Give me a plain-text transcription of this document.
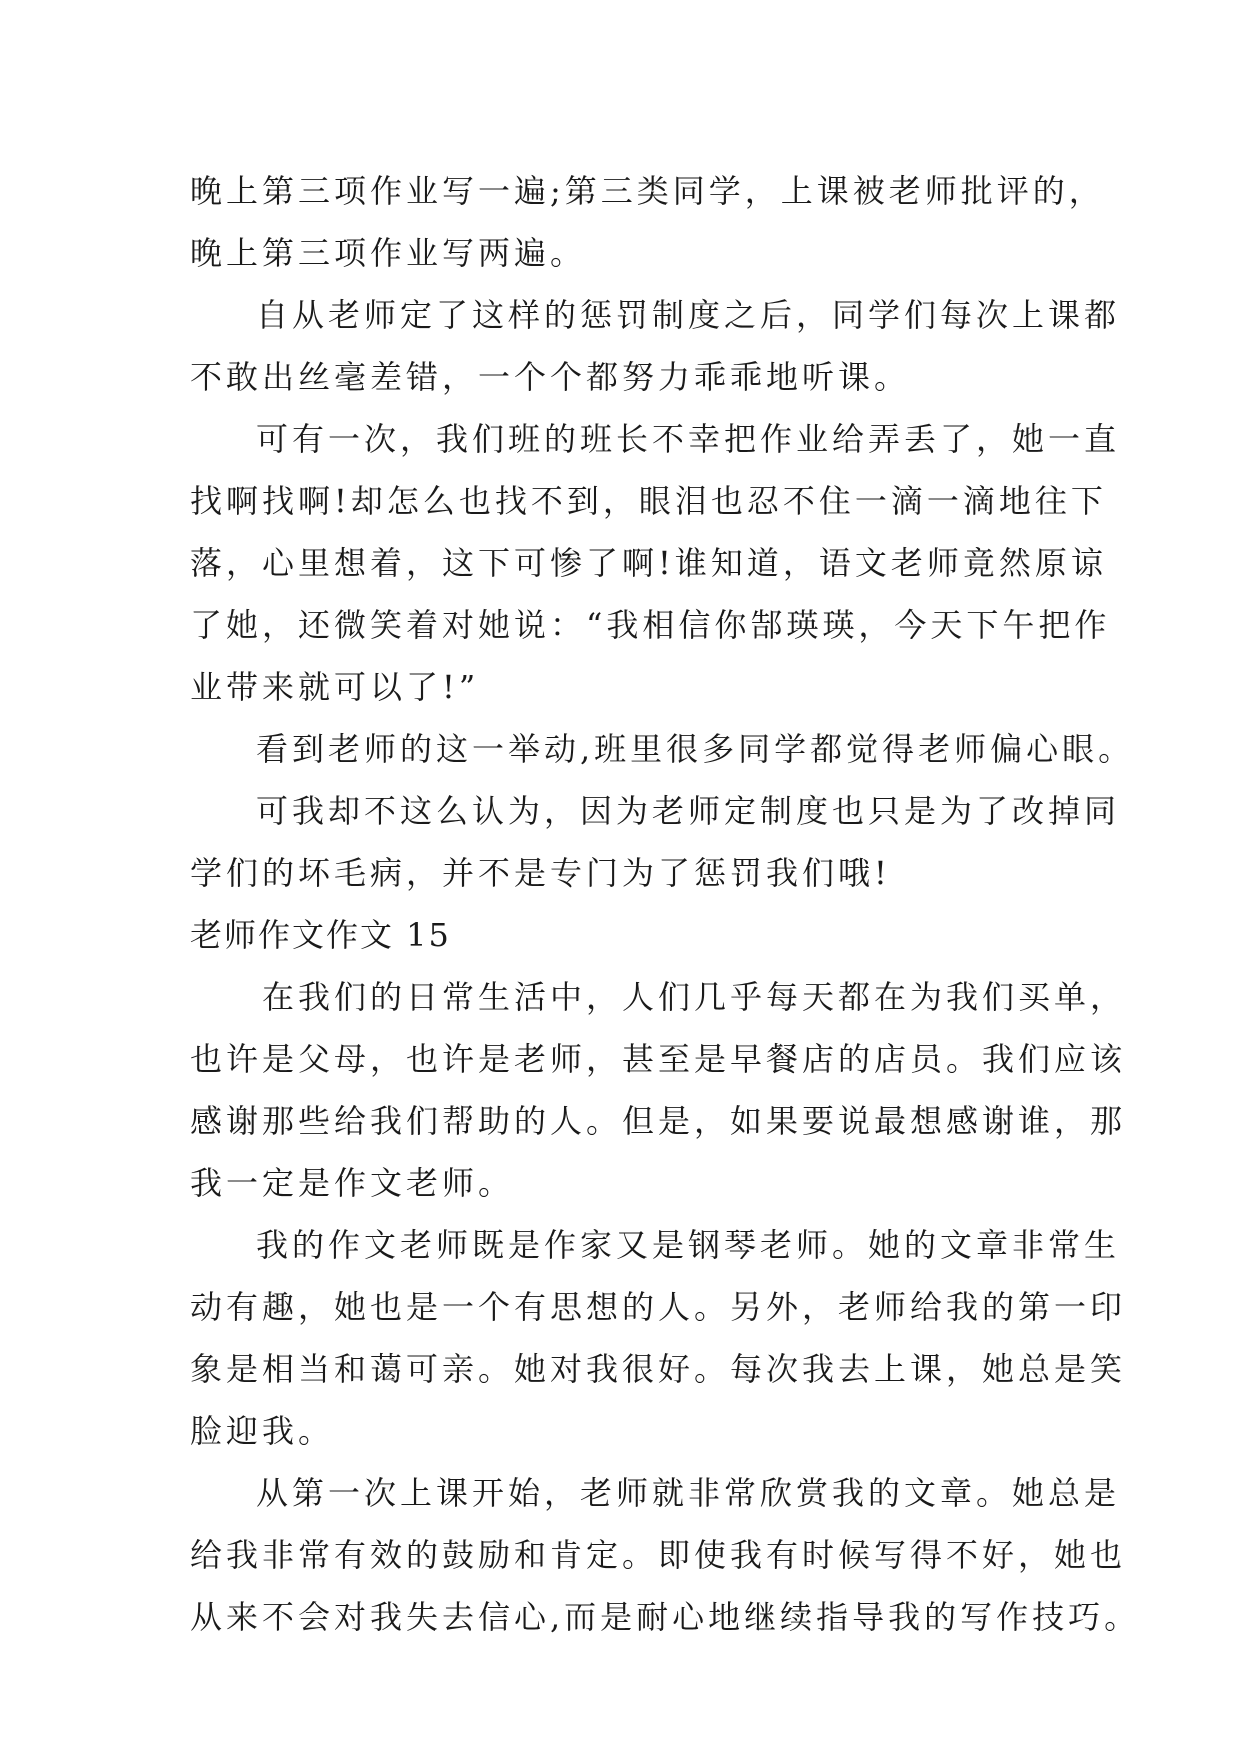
晚上第三项作业写一遍;第三类同学，上课被老师批评的，
晚上第三项作业写两遍。
自从老师定了这样的惩罚制度之后，同学们每次上课都
不敢出丝毫差错，一个个都努力乖乖地听课。
可有一次，我们班的班长不幸把作业给弄丢了，她一直
找啊找啊!却怎么也找不到，眼泪也忍不住一滴一滴地往下
落，心里想着，这下可惨了啊!谁知道，语文老师竟然原谅
了她，还微笑着对她说：“我相信你郜瑛瑛，今天下午把作
业带来就可以了!”
看到老师的这一举动,班里很多同学都觉得老师偏心眼。
可我却不这么认为，因为老师定制度也只是为了改掉同
学们的坏毛病，并不是专门为了惩罚我们哦!
老师作文作文 15
在我们的日常生活中，人们几乎每天都在为我们买单，
也许是父母，也许是老师，甚至是早餐店的店员。我们应该
感谢那些给我们帮助的人。但是，如果要说最想感谢谁，那
我一定是作文老师。
我的作文老师既是作家又是钢琴老师。她的文章非常生
动有趣，她也是一个有思想的人。另外，老师给我的第一印
象是相当和蔼可亲。她对我很好。每次我去上课，她总是笑
脸迎我。
从第一次上课开始，老师就非常欣赏我的文章。她总是
给我非常有效的鼓励和肯定。即使我有时候写得不好，她也
从来不会对我失去信心,而是耐心地继续指导我的写作技巧。
